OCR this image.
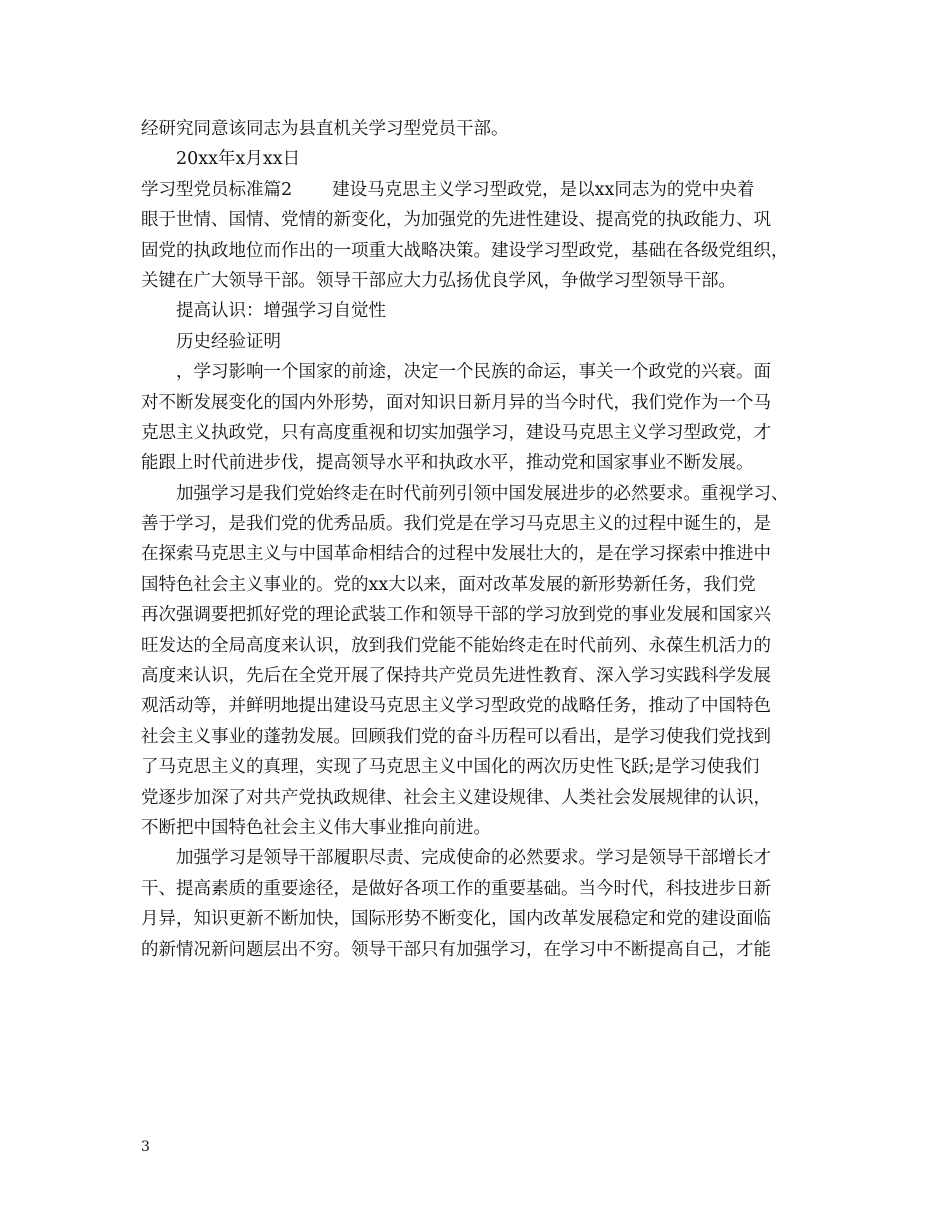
经研究同意该同志为县直机关学习型党员干部。
20xx年x月xx日
学习型党员标准篇2 建设马克思主义学习型政党，是以xx同志为的党中央着
眼于世情、国情、党情的新变化，为加强党的先进性建设、提高党的执政能力、巩
固党的执政地位而作出的一项重大战略决策。建设学习型政党，基础在各级党组织，
关键在广大领导干部。领导干部应大力弘扬优良学风，争做学习型领导干部。
提高认识：增强学习自觉性
历史经验证明
，学习影响一个国家的前途，决定一个民族的命运，事关一个政党的兴衰。面
对不断发展变化的国内外形势，面对知识日新月异的当今时代，我们党作为一个马
克思主义执政党，只有高度重视和切实加强学习，建设马克思主义学习型政党，才
能跟上时代前进步伐，提高领导水平和执政水平，推动党和国家事业不断发展。
加强学习是我们党始终走在时代前列引领中国发展进步的必然要求。重视学习、
善于学习，是我们党的优秀品质。我们党是在学习马克思主义的过程中诞生的，是
在探索马克思主义与中国革命相结合的过程中发展壮大的，是在学习探索中推进中
国特色社会主义事业的。党的xx大以来，面对改革发展的新形势新任务，我们党
再次强调要把抓好党的理论武装工作和领导干部的学习放到党的事业发展和国家兴
旺发达的全局高度来认识，放到我们党能不能始终走在时代前列、永葆生机活力的
高度来认识，先后在全党开展了保持共产党员先进性教育、深入学习实践科学发展
观活动等，并鲜明地提出建设马克思主义学习型政党的战略任务，推动了中国特色
社会主义事业的蓬勃发展。回顾我们党的奋斗历程可以看出，是学习使我们党找到
了马克思主义的真理，实现了马克思主义中国化的两次历史性飞跃;是学习使我们
党逐步加深了对共产党执政规律、社会主义建设规律、人类社会发展规律的认识，
不断把中国特色社会主义伟大事业推向前进。
加强学习是领导干部履职尽责、完成使命的必然要求。学习是领导干部增长才
干、提高素质的重要途径，是做好各项工作的重要基础。当今时代，科技进步日新
月异，知识更新不断加快，国际形势不断变化，国内改革发展稳定和党的建设面临
的新情况新问题层出不穷。领导干部只有加强学习，在学习中不断提高自己，才能
3
